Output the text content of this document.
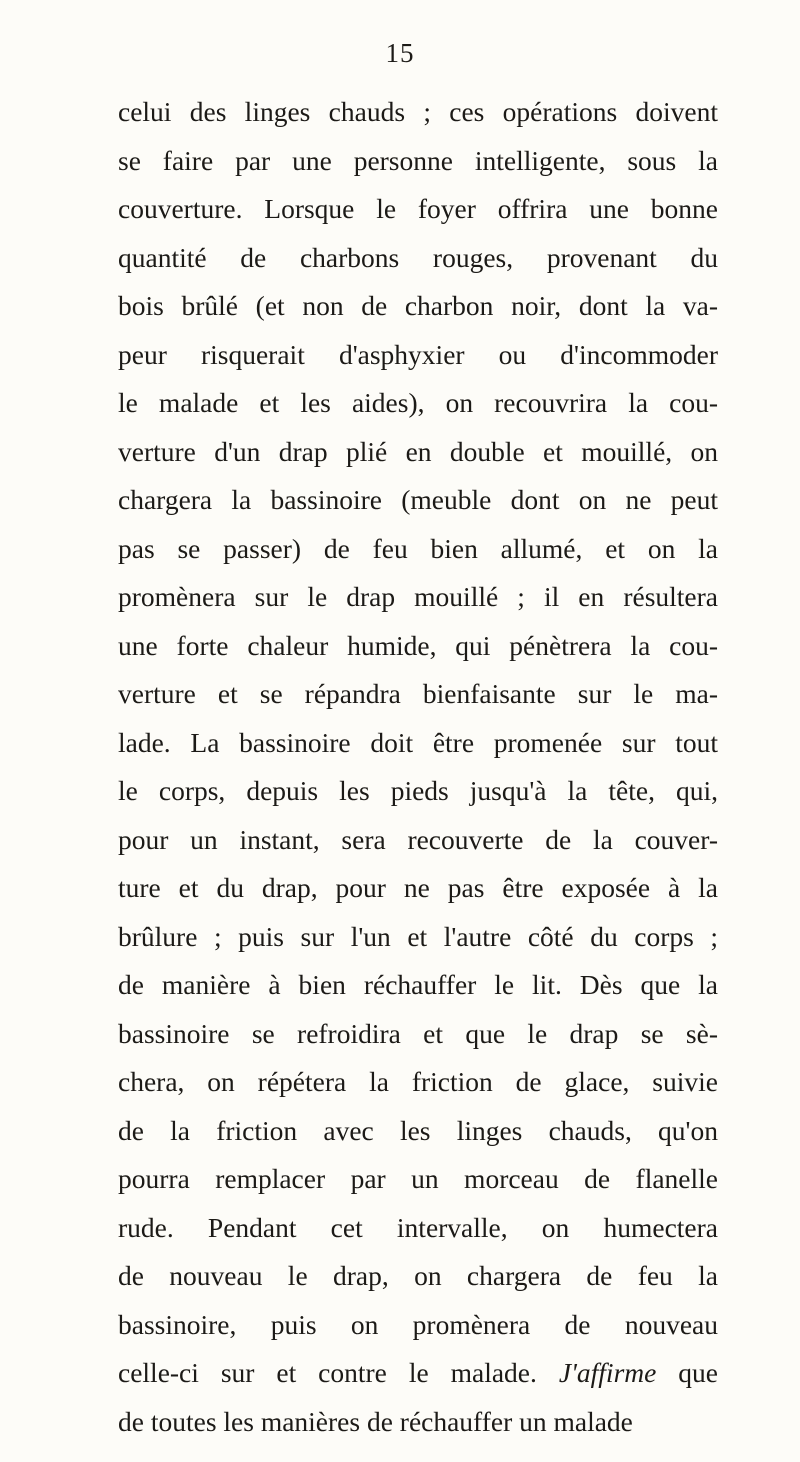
15
celui des linges chauds ; ces opérations doivent
se faire par une personne intelligente, sous la
couverture. Lorsque le foyer offrira une bonne
quantité de charbons rouges, provenant du
bois brûlé (et non de charbon noir, dont la va-
peur risquerait d'asphyxier ou d'incommoder
le malade et les aides), on recouvrira la cou-
verture d'un drap plié en double et mouillé, on
chargera la bassinoire (meuble dont on ne peut
pas se passer) de feu bien allumé, et on la
promènera sur le drap mouillé ; il en résultera
une forte chaleur humide, qui pénètrera la cou-
verture et se répandra bienfaisante sur le ma-
lade. La bassinoire doit être promenée sur tout
le corps, depuis les pieds jusqu'à la tête, qui,
pour un instant, sera recouverte de la couver-
ture et du drap, pour ne pas être exposée à la
brûlure ; puis sur l'un et l'autre côté du corps ;
de manière à bien réchauffer le lit. Dès que la
bassinoire se refroidira et que le drap se sè-
chera, on répétera la friction de glace, suivie
de la friction avec les linges chauds, qu'on
pourra remplacer par un morceau de flanelle
rude. Pendant cet intervalle, on humectera
de nouveau le drap, on chargera de feu la
bassinoire, puis on promènera de nouveau
celle-ci sur et contre le malade. J'affirme que
de toutes les manières de réchauffer un malade
